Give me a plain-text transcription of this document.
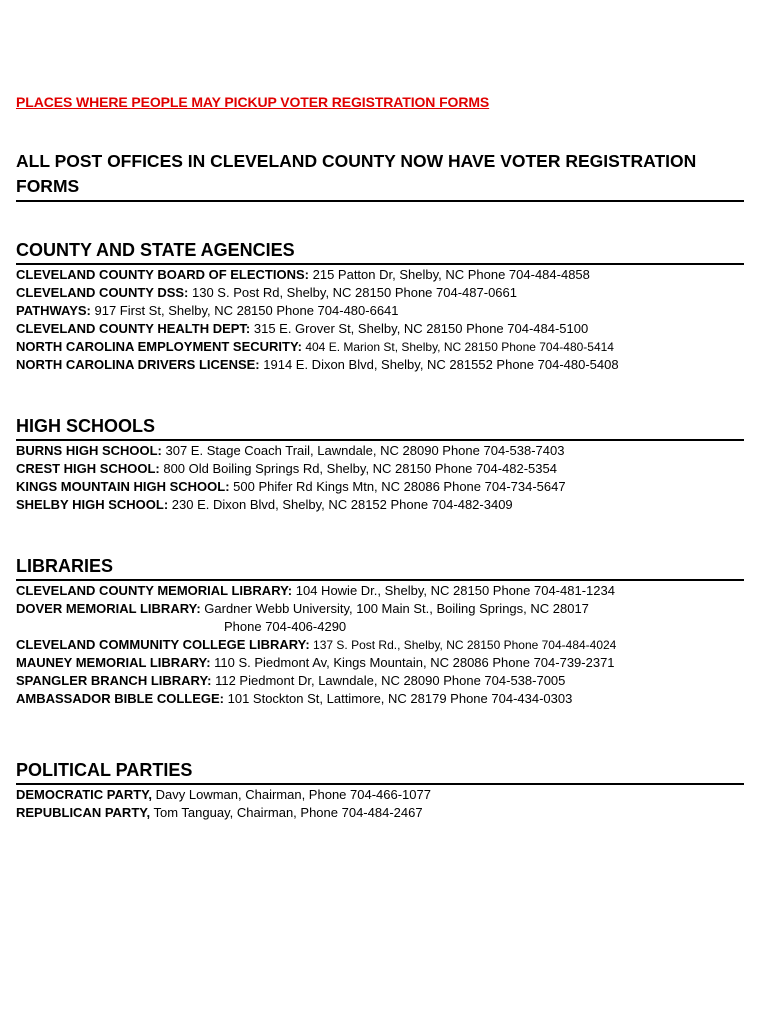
PLACES WHERE PEOPLE MAY PICKUP VOTER REGISTRATION FORMS
ALL POST OFFICES IN CLEVELAND COUNTY NOW HAVE VOTER REGISTRATION FORMS
COUNTY AND STATE AGENCIES
CLEVELAND COUNTY BOARD OF ELECTIONS: 215 Patton Dr, Shelby, NC Phone 704-484-4858
CLEVELAND COUNTY DSS: 130 S. Post Rd, Shelby, NC 28150 Phone 704-487-0661
PATHWAYS: 917 First St, Shelby, NC 28150 Phone 704-480-6641
CLEVELAND COUNTY HEALTH DEPT: 315 E. Grover St, Shelby, NC 28150 Phone 704-484-5100
NORTH CAROLINA EMPLOYMENT SECURITY: 404 E. Marion St, Shelby, NC 28150 Phone 704-480-5414
NORTH CAROLINA DRIVERS LICENSE: 1914 E. Dixon Blvd, Shelby, NC 281552 Phone 704-480-5408
HIGH SCHOOLS
BURNS HIGH SCHOOL: 307 E. Stage Coach Trail, Lawndale, NC 28090 Phone 704-538-7403
CREST HIGH SCHOOL: 800 Old Boiling Springs Rd, Shelby, NC 28150 Phone 704-482-5354
KINGS MOUNTAIN HIGH SCHOOL: 500 Phifer Rd Kings Mtn, NC 28086 Phone 704-734-5647
SHELBY HIGH SCHOOL: 230 E. Dixon Blvd, Shelby, NC 28152 Phone 704-482-3409
LIBRARIES
CLEVELAND COUNTY MEMORIAL LIBRARY: 104 Howie Dr., Shelby, NC 28150 Phone 704-481-1234
DOVER MEMORIAL LIBRARY: Gardner Webb University, 100 Main St., Boiling Springs, NC 28017
Phone 704-406-4290
CLEVELAND COMMUNITY COLLEGE LIBRARY: 137 S. Post Rd., Shelby, NC 28150 Phone 704-484-4024
MAUNEY MEMORIAL LIBRARY: 110 S. Piedmont Av, Kings Mountain, NC 28086 Phone 704-739-2371
SPANGLER BRANCH LIBRARY: 112 Piedmont Dr, Lawndale, NC 28090 Phone 704-538-7005
AMBASSADOR BIBLE COLLEGE: 101 Stockton St, Lattimore, NC 28179 Phone 704-434-0303
POLITICAL PARTIES
DEMOCRATIC PARTY, Davy Lowman, Chairman, Phone 704-466-1077
REPUBLICAN PARTY, Tom Tanguay, Chairman, Phone 704-484-2467
